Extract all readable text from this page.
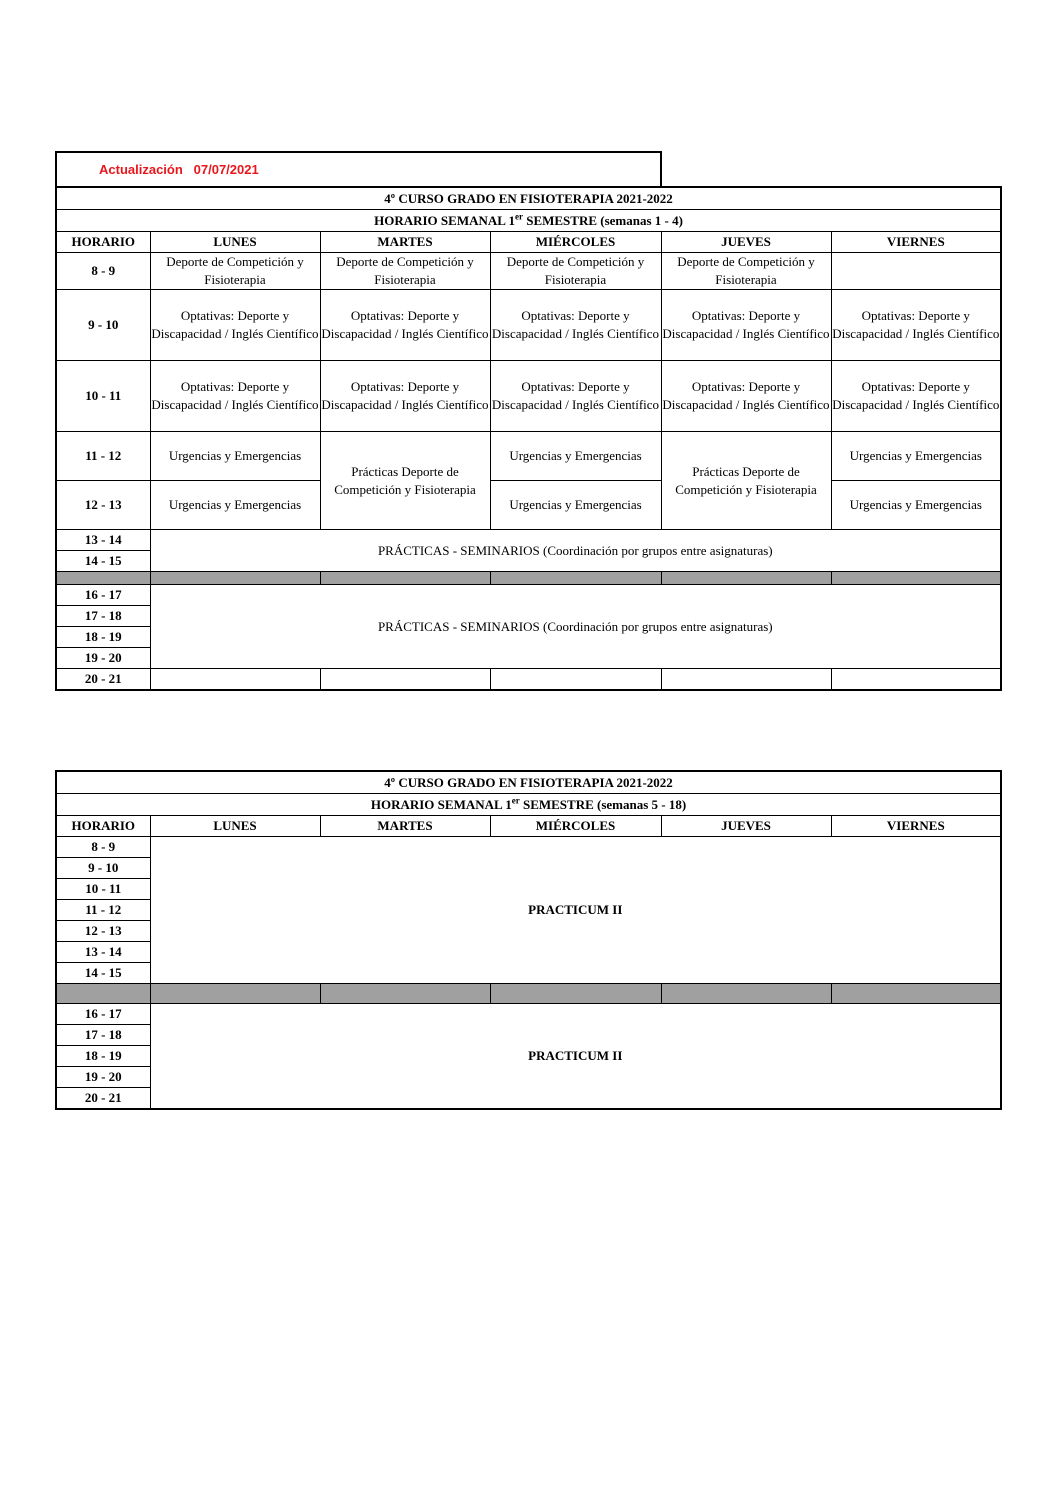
Actualización 07/07/2021
4º CURSO GRADO EN FISIOTERAPIA 2021-2022					
HORARIO SEMANAL 1er SEMESTRE (semanas 1 - 4)					
HORARIO	LUNES	MARTES	MIÉRCOLES	JUEVES	VIERNES
8 - 9	Deporte de Competición y Fisioterapia	Deporte de Competición y Fisioterapia	Deporte de Competición y Fisioterapia	Deporte de Competición y Fisioterapia	
9 - 10	Optativas: Deporte y Discapacidad / Inglés Científico	Optativas: Deporte y Discapacidad / Inglés Científico	Optativas: Deporte y Discapacidad / Inglés Científico	Optativas: Deporte y Discapacidad / Inglés Científico	Optativas: Deporte y Discapacidad / Inglés Científico
10 - 11	Optativas: Deporte y Discapacidad / Inglés Científico	Optativas: Deporte y Discapacidad / Inglés Científico	Optativas: Deporte y Discapacidad / Inglés Científico	Optativas: Deporte y Discapacidad / Inglés Científico	Optativas: Deporte y Discapacidad / Inglés Científico
11 - 12	Urgencias y Emergencias	Prácticas Deporte de Competición y Fisioterapia	Urgencias y Emergencias	Prácticas Deporte de Competición y Fisioterapia	Urgencias y Emergencias
12 - 13	Urgencias y Emergencias		Urgencias y Emergencias		Urgencias y Emergencias
13 - 14	PRÁCTICAS - SEMINARIOS (Coordinación por grupos entre asignaturas)				
14 - 15					

16 - 17	PRÁCTICAS - SEMINARIOS (Coordinación por grupos entre asignaturas)				
17 - 18					
18 - 19					
19 - 20					
20 - 21					
4º CURSO GRADO EN FISIOTERAPIA 2021-2022					
HORARIO SEMANAL 1er SEMESTRE (semanas 5 - 18)					
HORARIO	LUNES	MARTES	MIÉRCOLES	JUEVES	VIERNES
8 - 9	PRACTICUM II				
9 - 10					
10 - 11					
11 - 12					
12 - 13					
13 - 14					
14 - 15					

16 - 17	PRACTICUM II				
17 - 18					
18 - 19					
19 - 20					
20 - 21					
